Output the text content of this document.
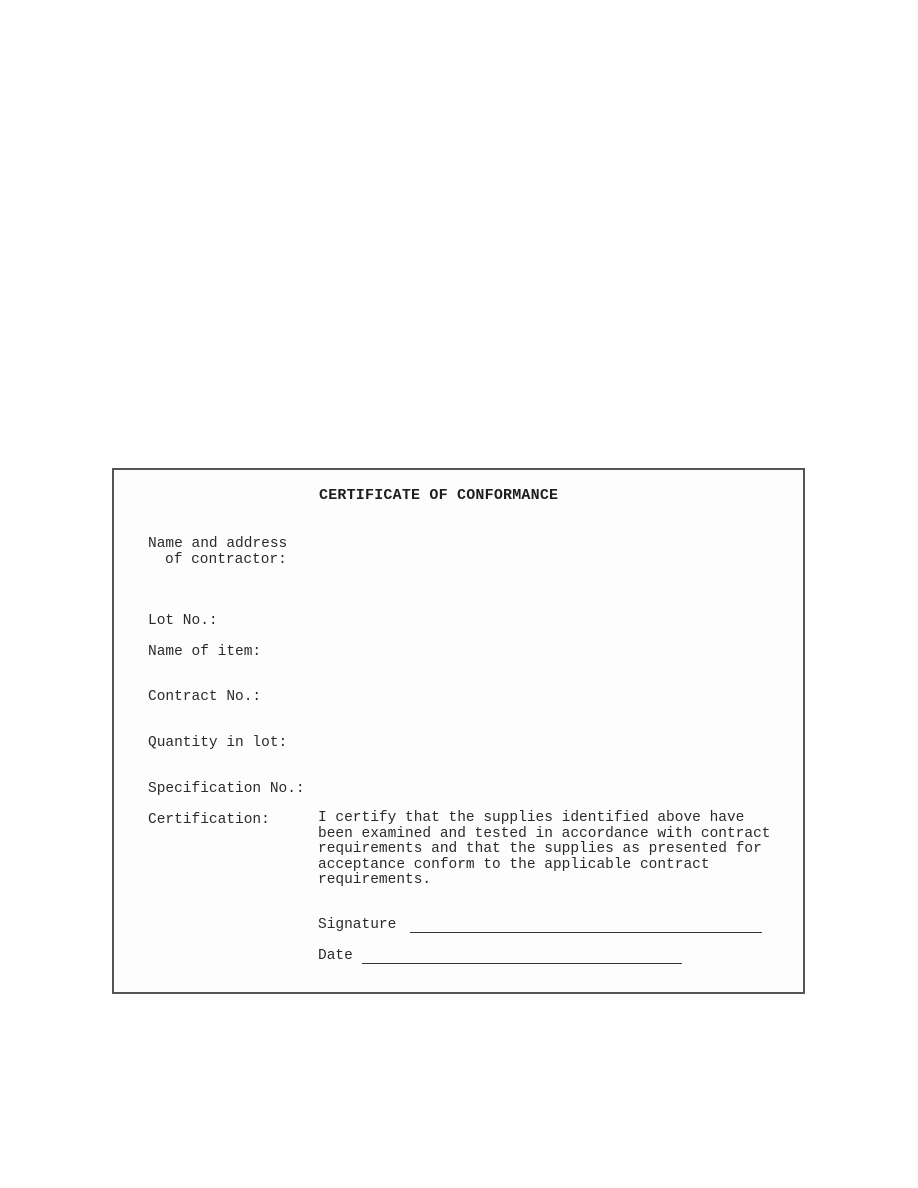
CERTIFICATE OF CONFORMANCE
Name and address
of contractor:
Lot No.:
Name of item:
Contract No.:
Quantity in lot:
Specification No.:
Certification:	I certify that the supplies identified above have
been examined and tested in accordance with contract
requirements and that the supplies as presented for
acceptance conform to the applicable contract
requirements.
Signature
Date
